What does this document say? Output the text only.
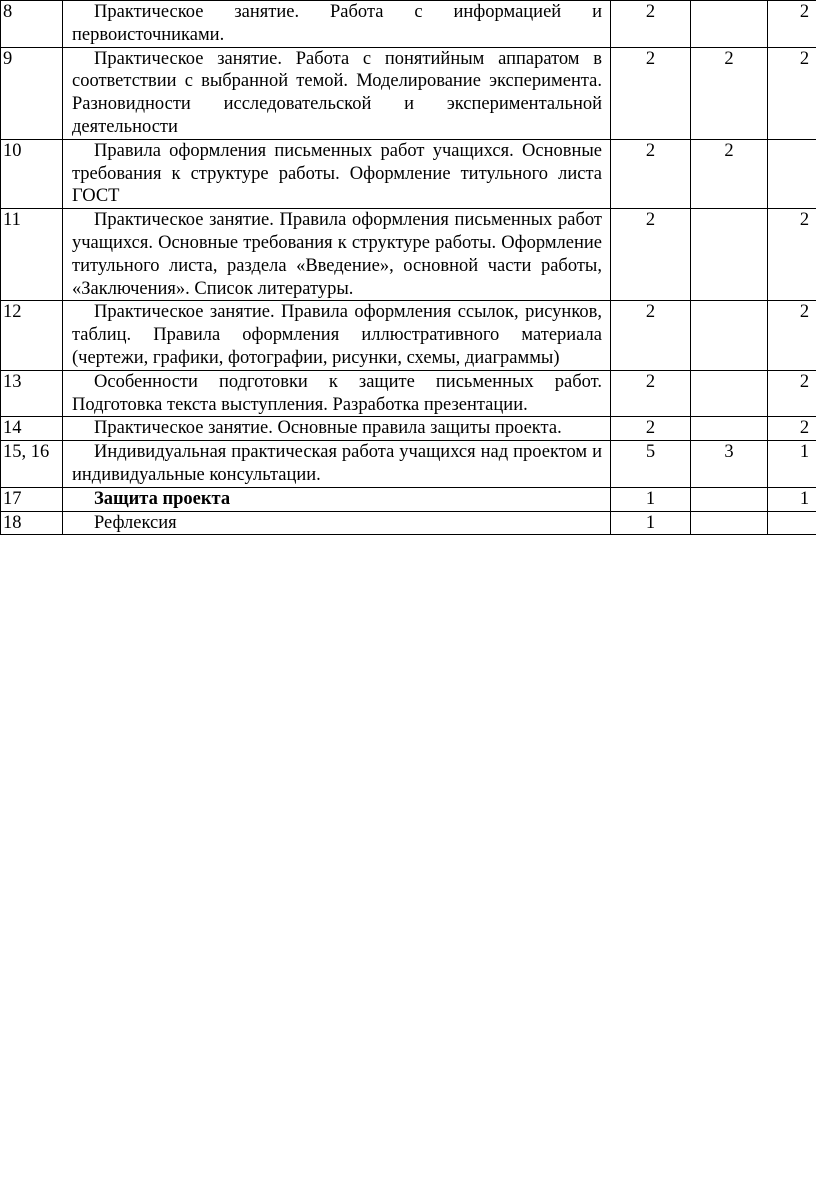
8	Практическое занятие. Работа с информацией и первоисточниками.	2		2
9	Практическое занятие. Работа с понятийным аппаратом в соответствии с выбранной темой. Моделирование эксперимента. Разновидности исследовательской и экспериментальной деятельности	2	2	2
10	Правила оформления письменных работ учащихся. Основные требования к структуре работы. Оформление титульного листа ГОСТ	2	2	
11	Практическое занятие. Правила оформления письменных работ учащихся. Основные требования к структуре работы. Оформление титульного листа, раздела «Введение», основной части работы, «Заключения». Список литературы.	2		2
12	Практическое занятие. Правила оформления ссылок, рисунков, таблиц. Правила оформления иллюстративного материала (чертежи, графики, фотографии, рисунки, схемы, диаграммы)	2		2
13	Особенности подготовки к защите письменных работ. Подготовка текста выступления. Разработка презентации.	2		2
14	Практическое занятие. Основные правила защиты проекта.	2		2
15, 16	Индивидуальная практическая работа учащихся над проектом и индивидуальные консультации.	5	3	1
17	Защита проекта	1		1
18	Рефлексия	1		
